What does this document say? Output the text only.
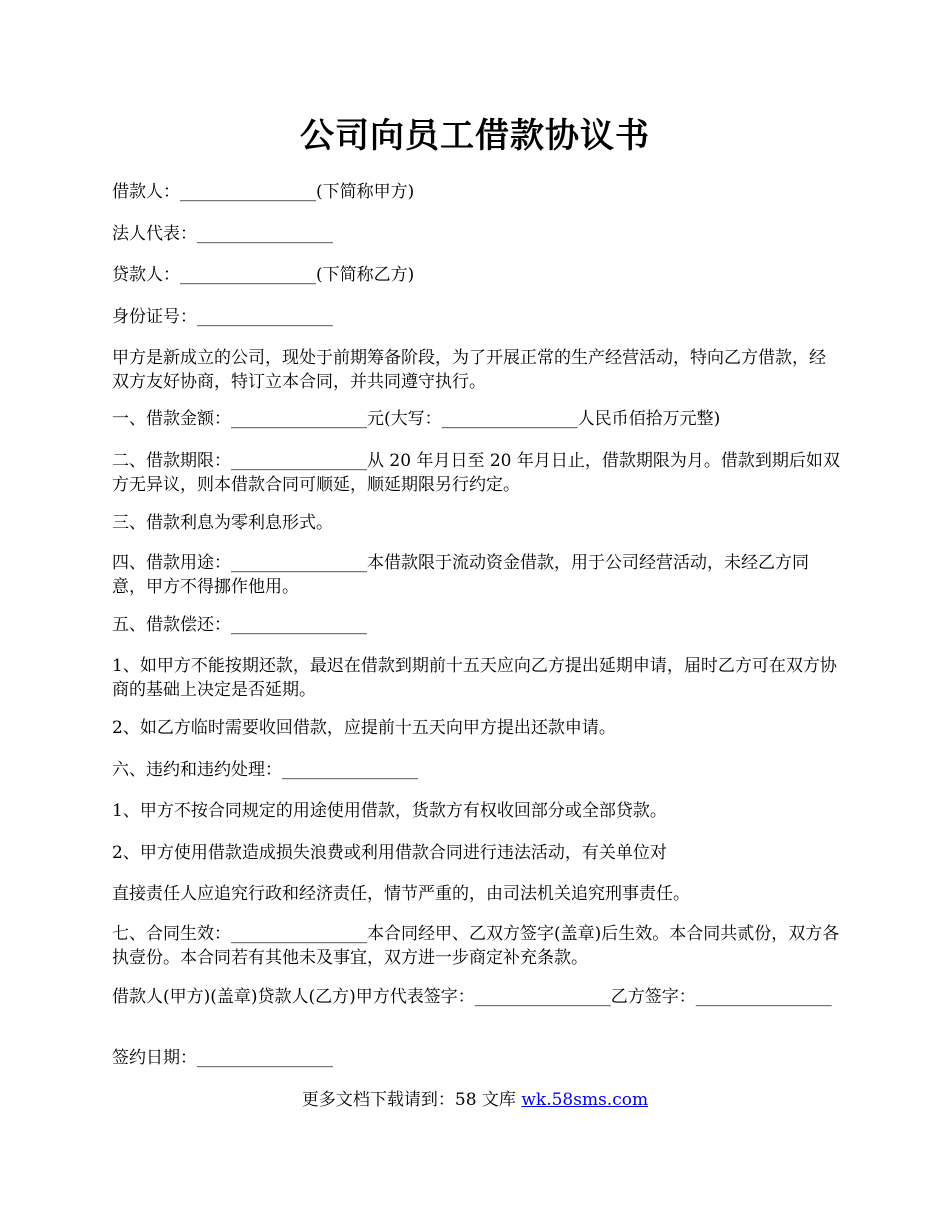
公司向员工借款协议书

借款人：________________(下简称甲方)

法人代表：________________

贷款人：________________(下简称乙方)

身份证号：________________

甲方是新成立的公司，现处于前期筹备阶段，为了开展正常的生产经营活动，特向乙方借款，经双方友好协商，特订立本合同，并共同遵守执行。

一、借款金额：________________元(大写：________________人民币佰拾万元整)

二、借款期限：________________从 20 年月日至 20 年月日止，借款期限为月。借款到期后如双方无异议，则本借款合同可顺延，顺延期限另行约定。

三、借款利息为零利息形式。

四、借款用途：________________本借款限于流动资金借款，用于公司经营活动，未经乙方同意，甲方不得挪作他用。

五、借款偿还：________________

1、如甲方不能按期还款，最迟在借款到期前十五天应向乙方提出延期申请，届时乙方可在双方协商的基础上决定是否延期。

2、如乙方临时需要收回借款，应提前十五天向甲方提出还款申请。

六、违约和违约处理：________________

1、甲方不按合同规定的用途使用借款，货款方有权收回部分或全部贷款。

2、甲方使用借款造成损失浪费或利用借款合同进行违法活动，有关单位对

直接责任人应追究行政和经济责任，情节严重的，由司法机关追究刑事责任。

七、合同生效：________________本合同经甲、乙双方签字(盖章)后生效。本合同共贰份，双方各执壹份。本合同若有其他未及事宜，双方进一步商定补充条款。

借款人(甲方)(盖章)贷款人(乙方)甲方代表签字：________________乙方签字：________________

签约日期：________________

更多文档下载请到：58 文库 wk.58sms.com
